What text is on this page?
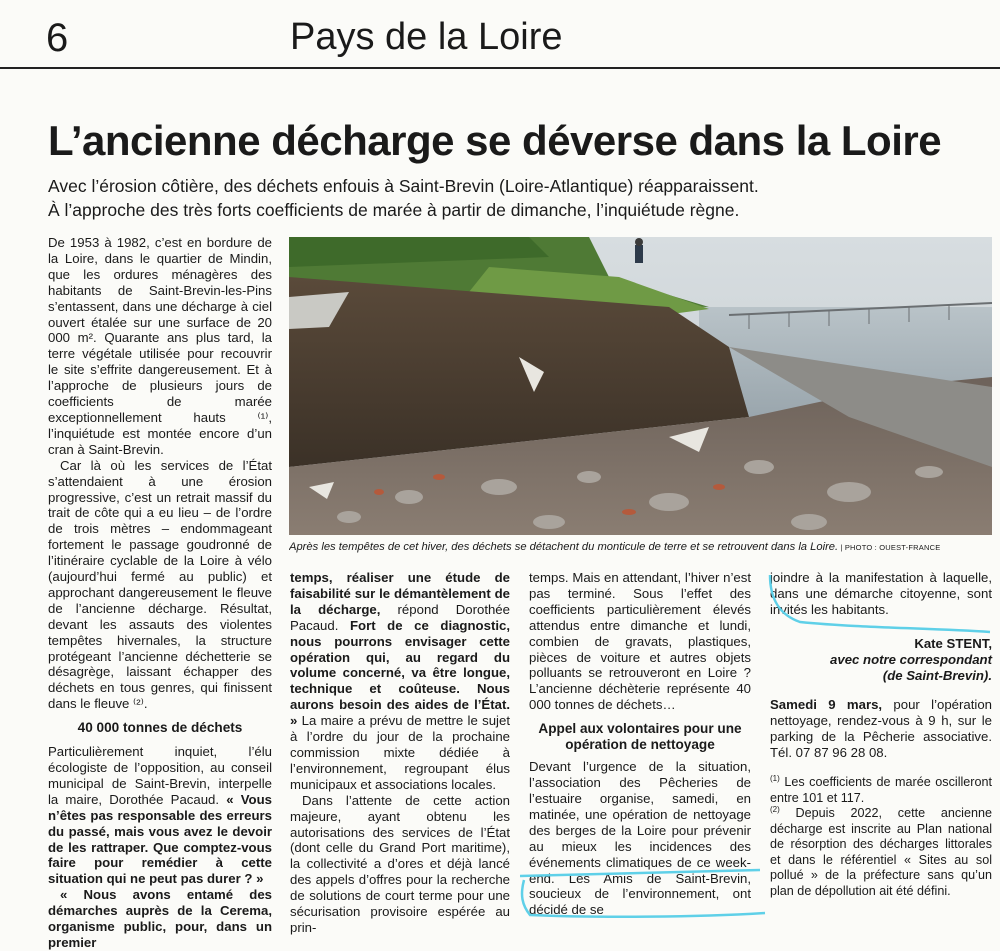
6	Pays de la Loire
L’ancienne décharge se déverse dans la Loire
Avec l’érosion côtière, des déchets enfouis à Saint-Brevin (Loire-Atlantique) réapparaissent.
À l’approche des très forts coefficients de marée à partir de dimanche, l’inquiétude règne.

De 1953 à 1982, c’est en bordure de la Loire, dans le quartier de Mindin, que les ordures ménagères des habitants de Saint-Brevin-les-Pins s’entassent, dans une décharge à ciel ouvert étalée sur une surface de 20 000 m². Quarante ans plus tard, la terre végétale utilisée pour recouvrir le site s’effrite dangereusement. Et à l’approche de plusieurs jours de coefficients de marée exceptionnellement hauts ⁽¹⁾, l’inquiétude est montée encore d’un cran à Saint-Brevin.

Car là où les services de l’État s’attendaient à une érosion progressive, c’est un retrait massif du trait de côte qui a eu lieu – de l’ordre de trois mètres – endommageant fortement le passage goudronné de l’itinéraire cyclable de la Loire à vélo (aujourd’hui fermé au public) et approchant dangereusement le fleuve de l’ancienne décharge. Résultat, devant les assauts des violentes tempêtes hivernales, la structure protégeant l’ancienne déchetterie se désagrège, laissant échapper des déchets en tous genres, qui finissent dans le fleuve ⁽²⁾.

40 000 tonnes de déchets

Particulièrement inquiet, l’élu écologiste de l’opposition, au conseil municipal de Saint-Brevin, interpelle la maire, Dorothée Pacaud. « Vous n’êtes pas responsable des erreurs du passé, mais vous avez le devoir de les rattraper. Que comptez-vous faire pour remédier à cette situation qui ne peut pas durer ? »

« Nous avons entamé des démarches auprès de la Cerema, organisme public, pour, dans un premier

Après les tempêtes de cet hiver, des déchets se détachent du monticule de terre et se retrouvent dans la Loire. | PHOTO : OUEST-FRANCE

temps, réaliser une étude de faisabilité sur le démantèlement de la décharge, répond Dorothée Pacaud. Fort de ce diagnostic, nous pourrons envisager cette opération qui, au regard du volume concerné, va être longue, technique et coûteuse. Nous aurons besoin des aides de l’État. » La maire a prévu de mettre le sujet à l’ordre du jour de la prochaine commission mixte dédiée à l’environnement, regroupant élus municipaux et associations locales.

Dans l’attente de cette action majeure, ayant obtenu les autorisations des services de l’État (dont celle du Grand Port maritime), la collectivité a d’ores et déjà lancé des appels d’offres pour la recherche de solutions de court terme pour une sécurisation provisoire espérée au prin-

temps. Mais en attendant, l’hiver n’est pas terminé. Sous l’effet des coefficients particulièrement élevés attendus entre dimanche et lundi, combien de gravats, plastiques, pièces de voiture et autres objets polluants se retrouveront en Loire ? L’ancienne déchèterie représente 40 000 tonnes de déchets…

Appel aux volontaires pour une opération de nettoyage

Devant l’urgence de la situation, l’association des Pêcheries de l’estuaire organise, samedi, en matinée, une opération de nettoyage des berges de la Loire pour prévenir au mieux les incidences des événements climatiques de ce week-end. Les Amis de Saint-Brevin, soucieux de l’environnement, ont décidé de se

joindre à la manifestation à laquelle, dans une démarche citoyenne, sont invités les habitants.

Kate STENT,

avec notre correspondant

(de Saint-Brevin).

Samedi 9 mars, pour l’opération nettoyage, rendez-vous à 9 h, sur le parking de la Pêcherie associative. Tél. 07 87 96 28 08.

$^{(1)}$ Les coefficients de marée oscilleront entre 101 et 117.

$^{(2)}$ Depuis 2022, cette ancienne décharge est inscrite au Plan national de résorption des décharges littorales et dans le référentiel « Sites au sol pollué » de la préfecture sans qu’un plan de dépollution ait été défini.
